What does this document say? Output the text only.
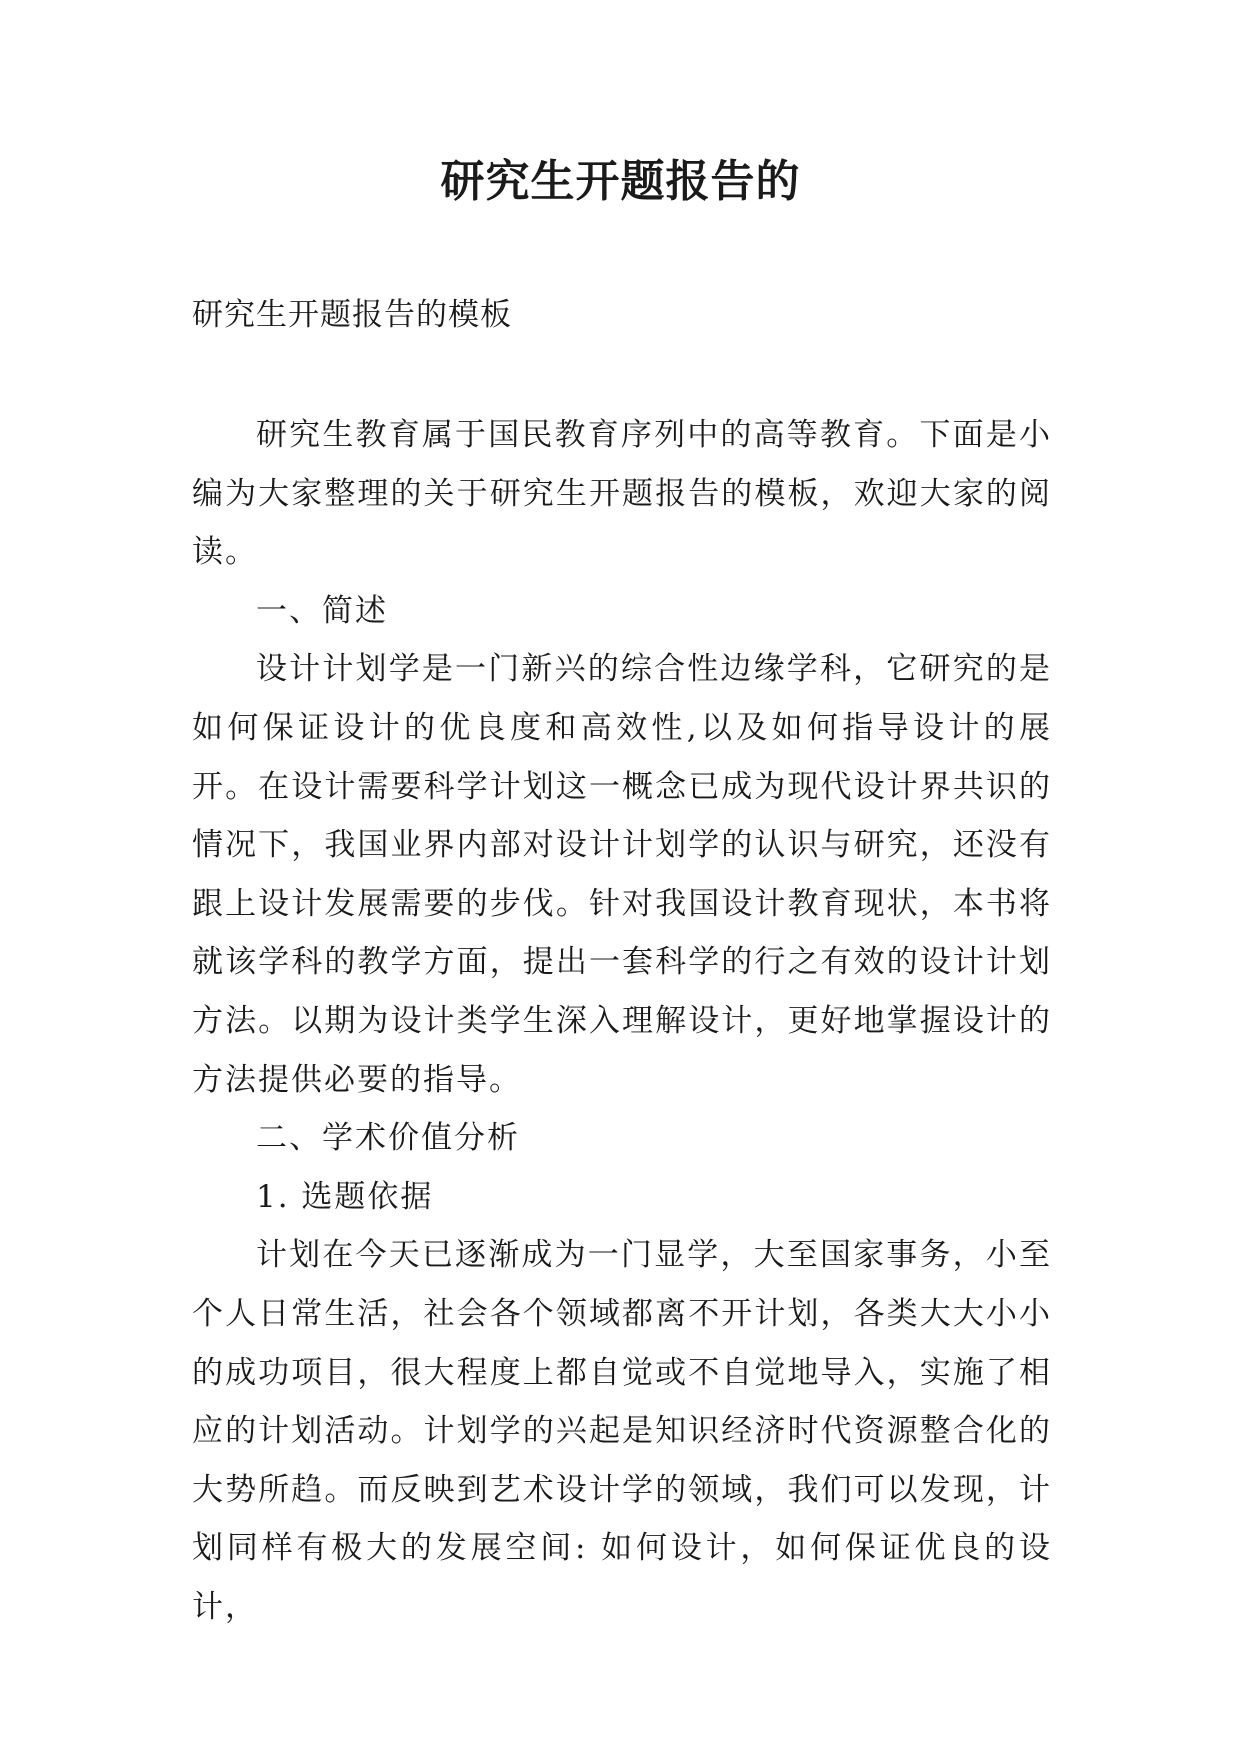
研究生开题报告的

研究生开题报告的模板

研究生教育属于国民教育序列中的高等教育。下面是小编为大家整理的关于研究生开题报告的模板，欢迎大家的阅读。

一、简述

设计计划学是一门新兴的综合性边缘学科，它研究的是如何保证设计的优良度和高效性,以及如何指导设计的展开。在设计需要科学计划这一概念已成为现代设计界共识的情况下，我国业界内部对设计计划学的认识与研究，还没有跟上设计发展需要的步伐。针对我国设计教育现状，本书将就该学科的教学方面，提出一套科学的行之有效的设计计划方法。以期为设计类学生深入理解设计，更好地掌握设计的方法提供必要的指导。

二、学术价值分析

1. 选题依据

计划在今天已逐渐成为一门显学，大至国家事务，小至个人日常生活，社会各个领域都离不开计划，各类大大小小的成功项目，很大程度上都自觉或不自觉地导入，实施了相应的计划活动。计划学的兴起是知识经济时代资源整合化的大势所趋。而反映到艺术设计学的领域，我们可以发现，计划同样有极大的发展空间: 如何设计，如何保证优良的设计，
